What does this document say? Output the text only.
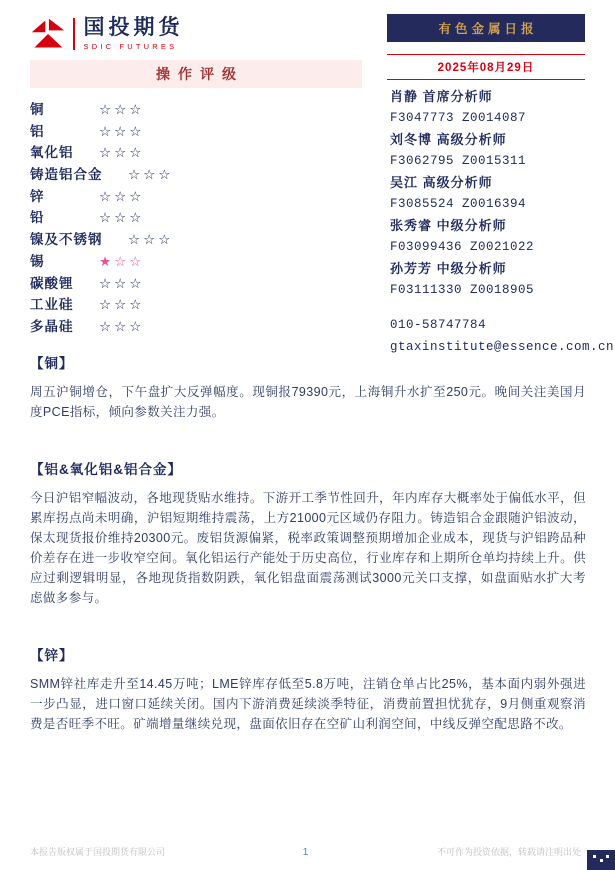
国投期货
SDIC FUTURES
有色金属日报
2025年08月29日
操作评级
铜	☆☆☆
铝	☆☆☆
氧化铝 ☆☆☆
铸造铝合金 ☆☆☆
锌	☆☆☆
铅	☆☆☆
镍及不锈钢 ☆☆☆
锡	★☆☆
碳酸锂 ☆☆☆
工业硅 ☆☆☆
多晶硅 ☆☆☆
肖静 首席分析师
F3047773 Z0014087
刘冬博 高级分析师
F3062795 Z0015311
吴江 高级分析师
F3085524 Z0016394
张秀睿 中级分析师
F03099436 Z0021022
孙芳芳 中级分析师
F03111330 Z0018905
010-58747784
gtaxinstitute@essence.com.cn
【铜】

周五沪铜增仓，下午盘扩大反弹幅度。现铜报79390元，上海铜升水扩至250元。晚间关注美国月度PCE指标，倾向参数关注力强。

【铝&氧化铝&铝合金】

今日沪铝窄幅波动，各地现货贴水维持。下游开工季节性回升，年内库存大概率处于偏低水平，但累库拐点尚未明确，沪铝短期维持震荡，上方21000元区域仍存阻力。铸造铝合金跟随沪铝波动，保太现货报价维持20300元。废铝货源偏紧，税率政策调整预期增加企业成本，现货与沪铝跨品种价差存在进一步收窄空间。氧化铝运行产能处于历史高位，行业库存和上期所仓单均持续上升。供应过剩逻辑明显，各地现货指数阴跌，氧化铝盘面震荡测试3000元关口支撑，如盘面贴水扩大考虑做多参与。

【锌】

SMM锌社库走升至14.45万吨；LME锌库存低至5.8万吨，注销仓单占比25%，基本面内弱外强进一步凸显，进口窗口延续关闭。国内下游消费延续淡季特征，消费前置担忧犹存，9月侧重观察消费是否旺季不旺。矿端增量继续兑现，盘面依旧存在空矿山利润空间，中线反弹空配思路不改。

本报告版权属于国投期货有限公司	1	不可作为投资依据，转载请注明出处
